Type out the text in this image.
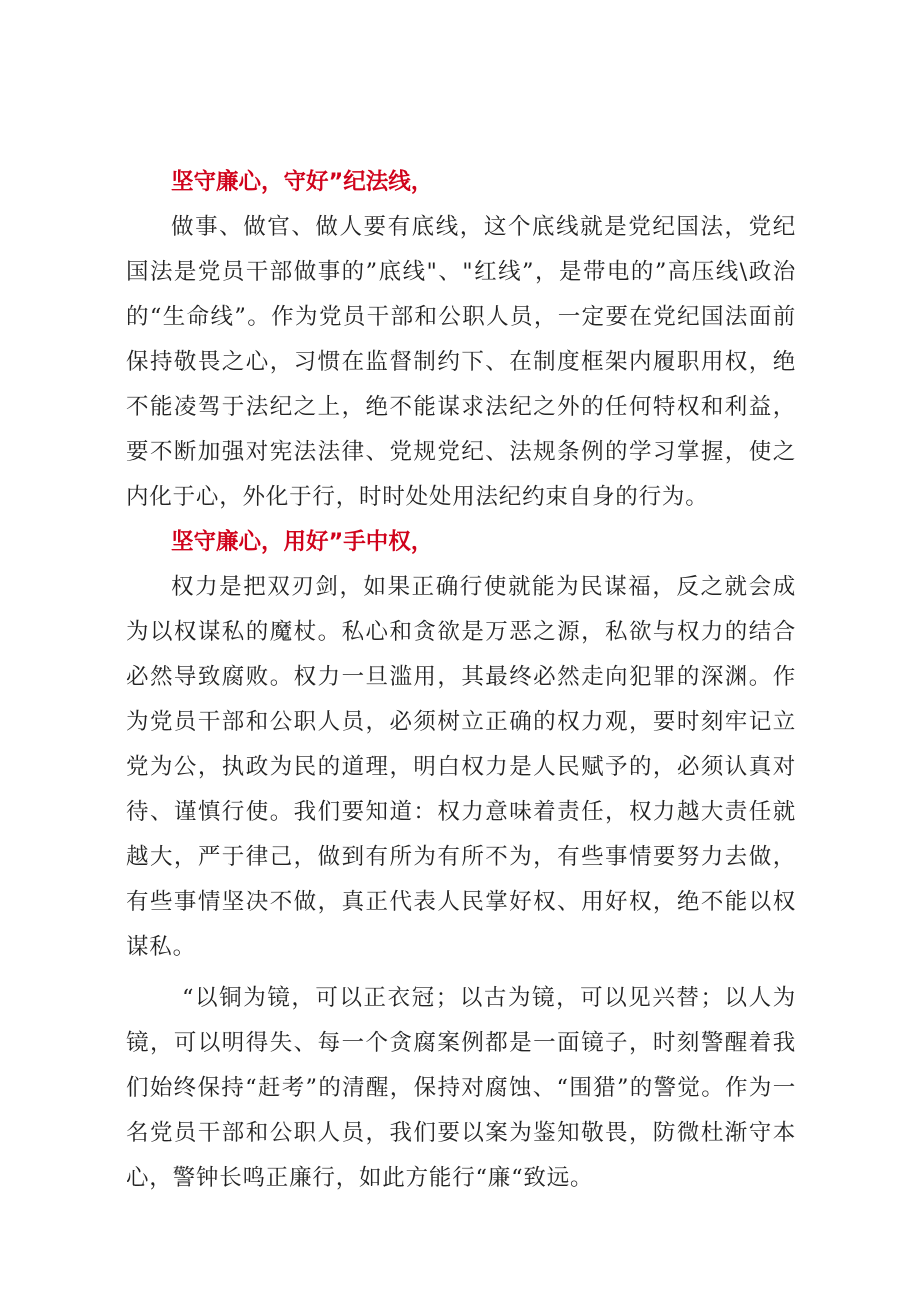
坚守廉心，守好”纪法线，

做事、做官、做人要有底线，这个底线就是党纪国法，党纪国法是党员干部做事的”底线"、"红线”，是带电的”高压线\政治的“生命线”。作为党员干部和公职人员，一定要在党纪国法面前保持敬畏之心，习惯在监督制约下、在制度框架内履职用权，绝不能凌驾于法纪之上，绝不能谋求法纪之外的任何特权和利益，要不断加强对宪法法律、党规党纪、法规条例的学习掌握，使之内化于心，外化于行，时时处处用法纪约束自身的行为。

坚守廉心，用好”手中权，

权力是把双刃剑，如果正确行使就能为民谋福，反之就会成为以权谋私的魔杖。私心和贪欲是万恶之源，私欲与权力的结合必然导致腐败。权力一旦滥用，其最终必然走向犯罪的深渊。作为党员干部和公职人员，必须树立正确的权力观，要时刻牢记立党为公，执政为民的道理，明白权力是人民赋予的，必须认真对待、谨慎行使。我们要知道：权力意味着责任，权力越大责任就越大，严于律己，做到有所为有所不为，有些事情要努力去做，有些事情坚决不做，真正代表人民掌好权、用好权，绝不能以权谋私。

“以铜为镜，可以正衣冠；以古为镜，可以见兴替；以人为镜，可以明得失、每一个贪腐案例都是一面镜子，时刻警醒着我们始终保持“赶考”的清醒，保持对腐蚀、“围猎”的警觉。作为一名党员干部和公职人员，我们要以案为鉴知敬畏，防微杜渐守本心，警钟长鸣正廉行，如此方能行“廉“致远。
